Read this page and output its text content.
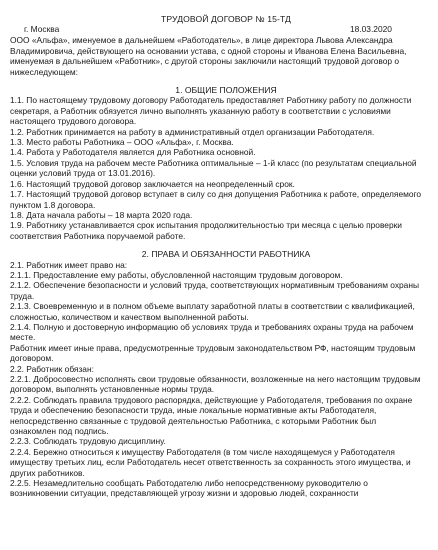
ТРУДОВОЙ ДОГОВОР № 15-ТД
г. Москва	18.03.2020

ООО «Альфа», именуемое в дальнейшем «Работодатель», в лице директора Львова Александра Владимировича, действующего на основании устава, с одной стороны и Иванова Елена Васильевна, именуемая в дальнейшем «Работник», с другой стороны заключили настоящий трудовой договор о нижеследующем:

1. ОБЩИЕ ПОЛОЖЕНИЯ

1.1. По настоящему трудовому договору Работодатель предоставляет Работнику работу по должности секретаря, а Работник обязуется лично выполнять указанную работу в соответствии с условиями настоящего трудового договора.

1.2. Работник принимается на работу в административный отдел организации Работодателя.

1.3. Место работы Работника – ООО «Альфа», г. Москва.

1.4. Работа у Работодателя является для Работника основной.

1.5. Условия труда на рабочем месте Работника оптимальные – 1-й класс (по результатам специальной оценки условий труда от 13.01.2016).

1.6. Настоящий трудовой договор заключается на неопределенный срок.

1.7. Настоящий трудовой договор вступает в силу со дня допущения Работника к работе, определяемого пунктом 1.8 договора.

1.8. Дата начала работы – 18 марта 2020 года.

1.9. Работнику устанавливается срок испытания продолжительностью три месяца с целью проверки соответствия Работника поручаемой работе.

2. ПРАВА И ОБЯЗАННОСТИ РАБОТНИКА

2.1. Работник имеет право на:

2.1.1. Предоставление ему работы, обусловленной настоящим трудовым договором.

2.1.2. Обеспечение безопасности и условий труда, соответствующих нормативным требованиям охраны труда.

2.1.3. Своевременную и в полном объеме выплату заработной платы в соответствии с квалификацией, сложностью, количеством и качеством выполненной работы.

2.1.4. Полную и достоверную информацию об условиях труда и требованиях охраны труда на рабочем месте.

Работник имеет иные права, предусмотренные трудовым законодательством РФ, настоящим трудовым договором.

2.2. Работник обязан:

2.2.1. Добросовестно исполнять свои трудовые обязанности, возложенные на него настоящим трудовым договором, выполнять установленные нормы труда.

2.2.2. Соблюдать правила трудового распорядка, действующие у Работодателя, требования по охране труда и обеспечению безопасности труда, иные локальные нормативные акты Работодателя, непосредственно связанные с трудовой деятельностью Работника, с которыми Работник был ознакомлен под подпись.

2.2.3. Соблюдать трудовую дисциплину.

2.2.4. Бережно относиться к имуществу Работодателя (в том числе находящемуся у Работодателя имуществу третьих лиц, если Работодатель несет ответственность за сохранность этого имущества, и других работников.

2.2.5. Незамедлительно сообщать Работодателю либо непосредственному руководителю о возникновении ситуации, представляющей угрозу жизни и здоровью людей, сохранности
